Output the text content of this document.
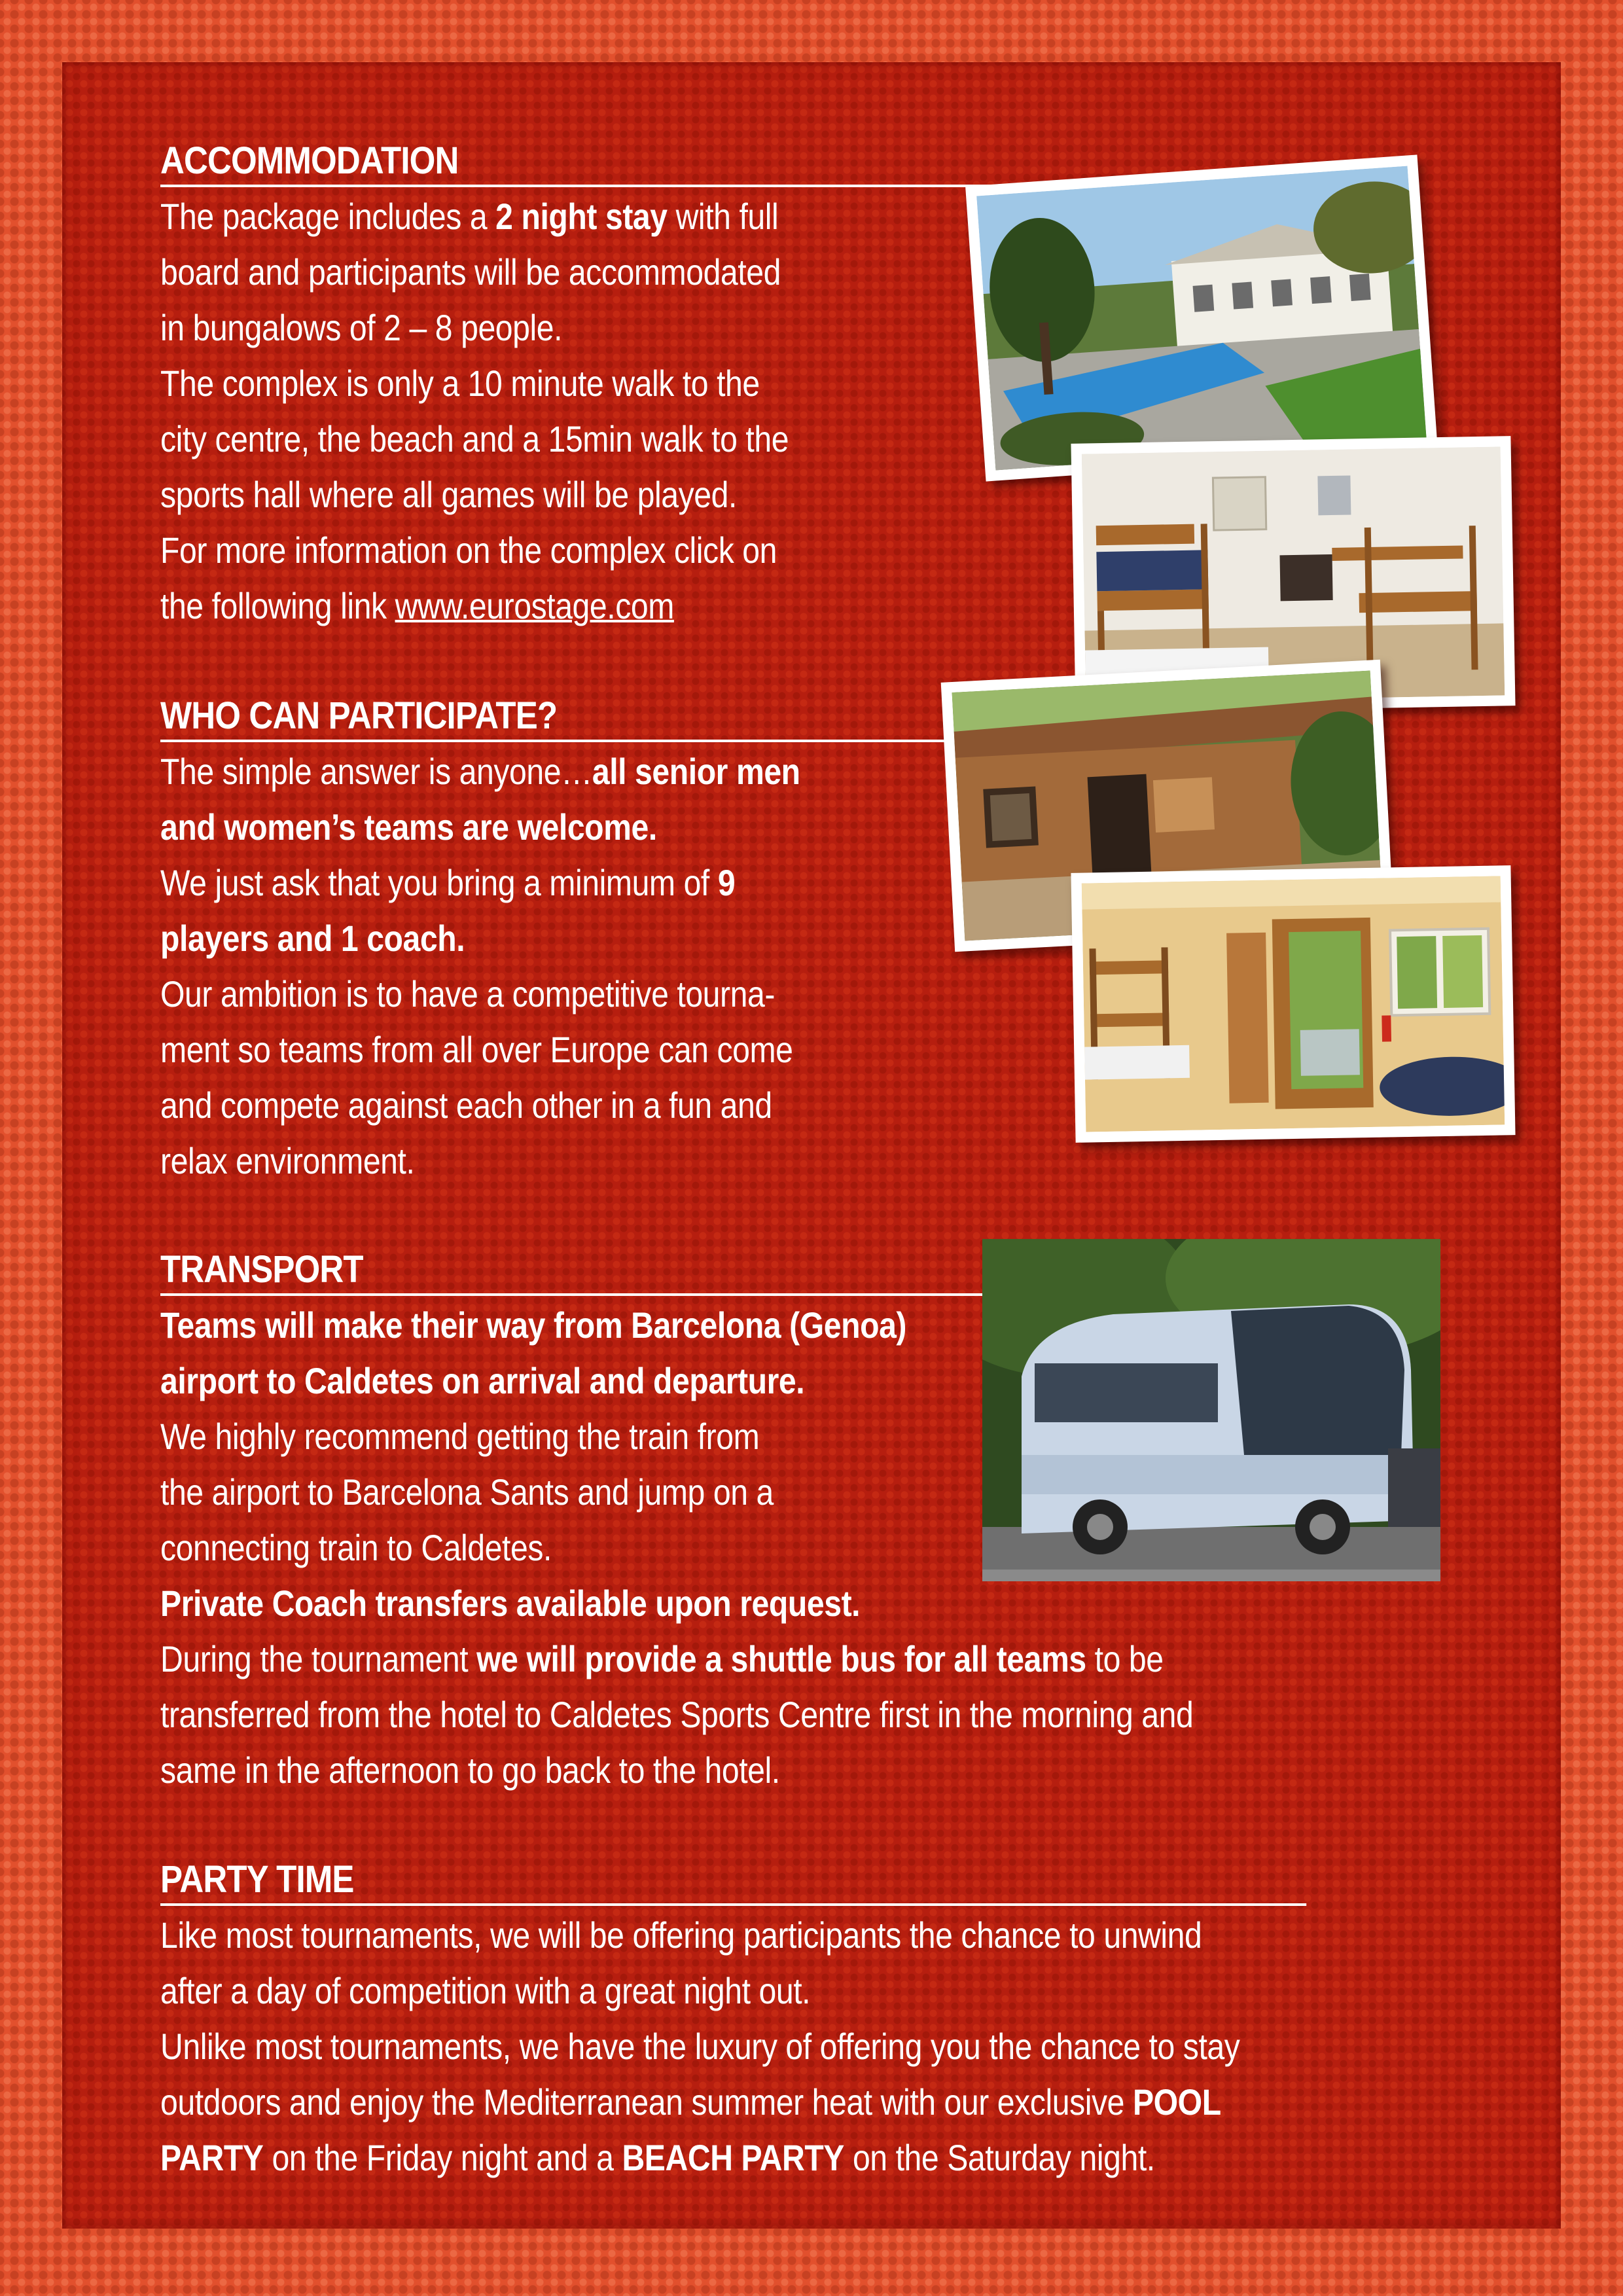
ACCOMMODATION

The package includes a 2 night stay with full

board and participants will be accommodated

in bungalows of 2 – 8 people.

The complex is only a 10 minute walk to the

city centre, the beach and a 15min walk to the

sports hall where all games will be played.

For more information on the complex click on

the following link www.eurostage.com

WHO CAN PARTICIPATE?

The simple answer is anyone…all senior men

and women’s teams are welcome.

We just ask that you bring a minimum of 9

players and 1 coach.

Our ambition is to have a competitive tourna-

ment so teams from all over Europe can come

and compete against each other in a fun and

relax environment.

TRANSPORT

Teams will make their way from Barcelona (Genoa)

airport to Caldetes on arrival and departure.

We highly recommend getting the train from

the airport to Barcelona Sants and jump on a

connecting train to Caldetes.

Private Coach transfers available upon request.

During the tournament we will provide a shuttle bus for all teams to be

transferred from the hotel to Caldetes Sports Centre first in the morning and

same in the afternoon to go back to the hotel.

PARTY TIME

Like most tournaments, we will be offering participants the chance to unwind

after a day of competition with a great night out.

Unlike most tournaments, we have the luxury of offering you the chance to stay

outdoors and enjoy the Mediterranean summer heat with our exclusive POOL

PARTY on the Friday night and a BEACH PARTY on the Saturday night.
